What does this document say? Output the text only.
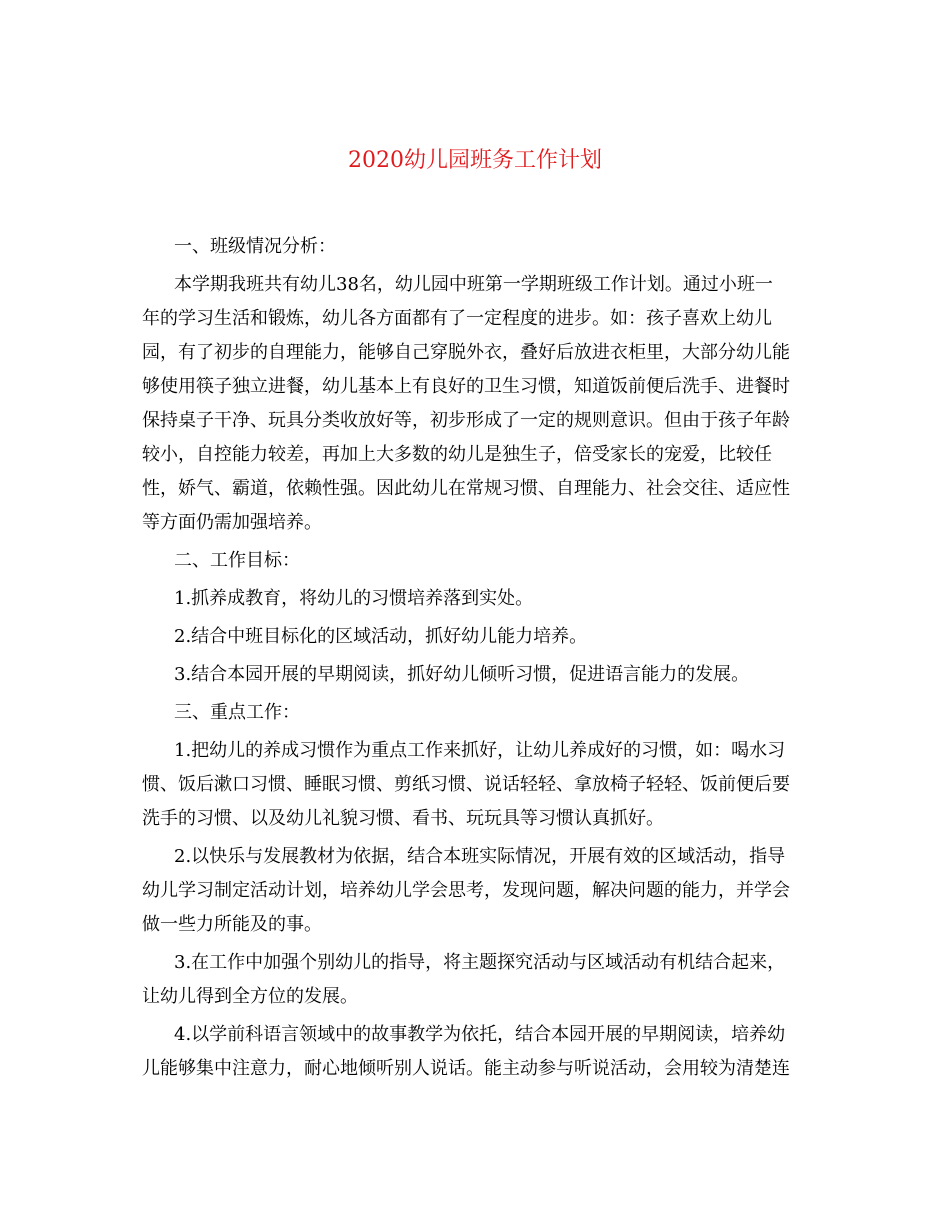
2020幼儿园班务工作计划
一、班级情况分析：
本学期我班共有幼儿38名，幼儿园中班第一学期班级工作计划。通过小班一
年的学习生活和锻炼，幼儿各方面都有了一定程度的进步。如：孩子喜欢上幼儿
园，有了初步的自理能力，能够自己穿脱外衣，叠好后放进衣柜里，大部分幼儿能
够使用筷子独立进餐，幼儿基本上有良好的卫生习惯，知道饭前便后洗手、进餐时
保持桌子干净、玩具分类收放好等，初步形成了一定的规则意识。但由于孩子年龄
较小，自控能力较差，再加上大多数的幼儿是独生子，倍受家长的宠爱，比较任
性，娇气、霸道，依赖性强。因此幼儿在常规习惯、自理能力、社会交往、适应性
等方面仍需加强培养。
二、工作目标：
1.抓养成教育，将幼儿的习惯培养落到实处。
2.结合中班目标化的区域活动，抓好幼儿能力培养。
3.结合本园开展的早期阅读，抓好幼儿倾听习惯，促进语言能力的发展。
三、重点工作：
1.把幼儿的养成习惯作为重点工作来抓好，让幼儿养成好的习惯，如：喝水习
惯、饭后漱口习惯、睡眠习惯、剪纸习惯、说话轻轻、拿放椅子轻轻、饭前便后要
洗手的习惯、以及幼儿礼貌习惯、看书、玩玩具等习惯认真抓好。
2.以快乐与发展教材为依据，结合本班实际情况，开展有效的区域活动，指导
幼儿学习制定活动计划，培养幼儿学会思考，发现问题，解决问题的能力，并学会
做一些力所能及的事。
3.在工作中加强个别幼儿的指导，将主题探究活动与区域活动有机结合起来，
让幼儿得到全方位的发展。
4.以学前科语言领域中的故事教学为依托，结合本园开展的早期阅读，培养幼
儿能够集中注意力，耐心地倾听别人说话。能主动参与听说活动，会用较为清楚连
